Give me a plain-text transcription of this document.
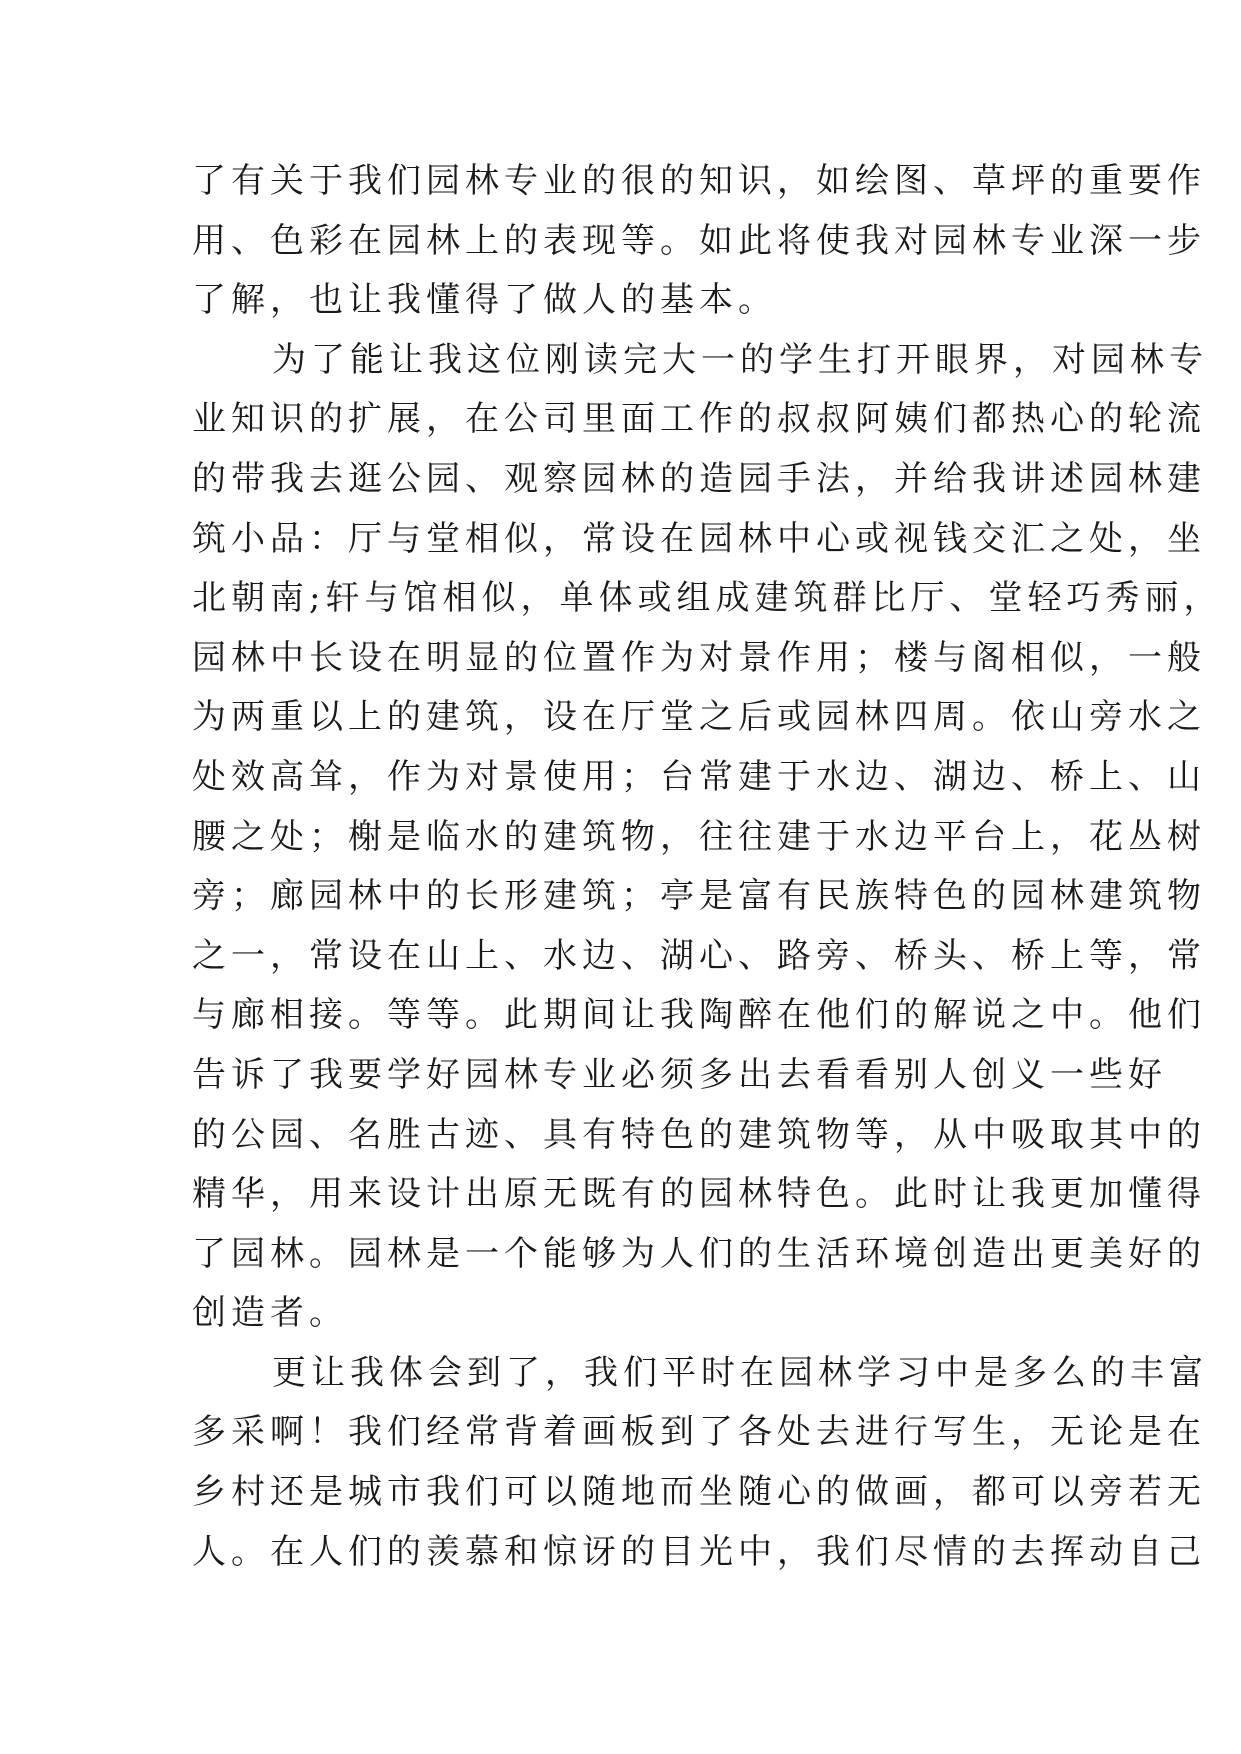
了有关于我们园林专业的很的知识，如绘图、草坪的重要作
用、色彩在园林上的表现等。如此将使我对园林专业深一步
了解，也让我懂得了做人的基本。
为了能让我这位刚读完大一的学生打开眼界，对园林专
业知识的扩展，在公司里面工作的叔叔阿姨们都热心的轮流
的带我去逛公园、观察园林的造园手法，并给我讲述园林建
筑小品：厅与堂相似，常设在园林中心或视钱交汇之处，坐
北朝南;轩与馆相似，单体或组成建筑群比厅、堂轻巧秀丽，
园林中长设在明显的位置作为对景作用；楼与阁相似，一般
为两重以上的建筑，设在厅堂之后或园林四周。依山旁水之
处效高耸，作为对景使用；台常建于水边、湖边、桥上、山
腰之处；榭是临水的建筑物，往往建于水边平台上，花丛树
旁；廊园林中的长形建筑；亭是富有民族特色的园林建筑物
之一，常设在山上、水边、湖心、路旁、桥头、桥上等，常
与廊相接。等等。此期间让我陶醉在他们的解说之中。他们
告诉了我要学好园林专业必须多出去看看别人创义一些好
的公园、名胜古迹、具有特色的建筑物等，从中吸取其中的
精华，用来设计出原无既有的园林特色。此时让我更加懂得
了园林。园林是一个能够为人们的生活环境创造出更美好的
创造者。
更让我体会到了，我们平时在园林学习中是多么的丰富
多采啊！我们经常背着画板到了各处去进行写生，无论是在
乡村还是城市我们可以随地而坐随心的做画，都可以旁若无
人。在人们的羡慕和惊讶的目光中，我们尽情的去挥动自己
